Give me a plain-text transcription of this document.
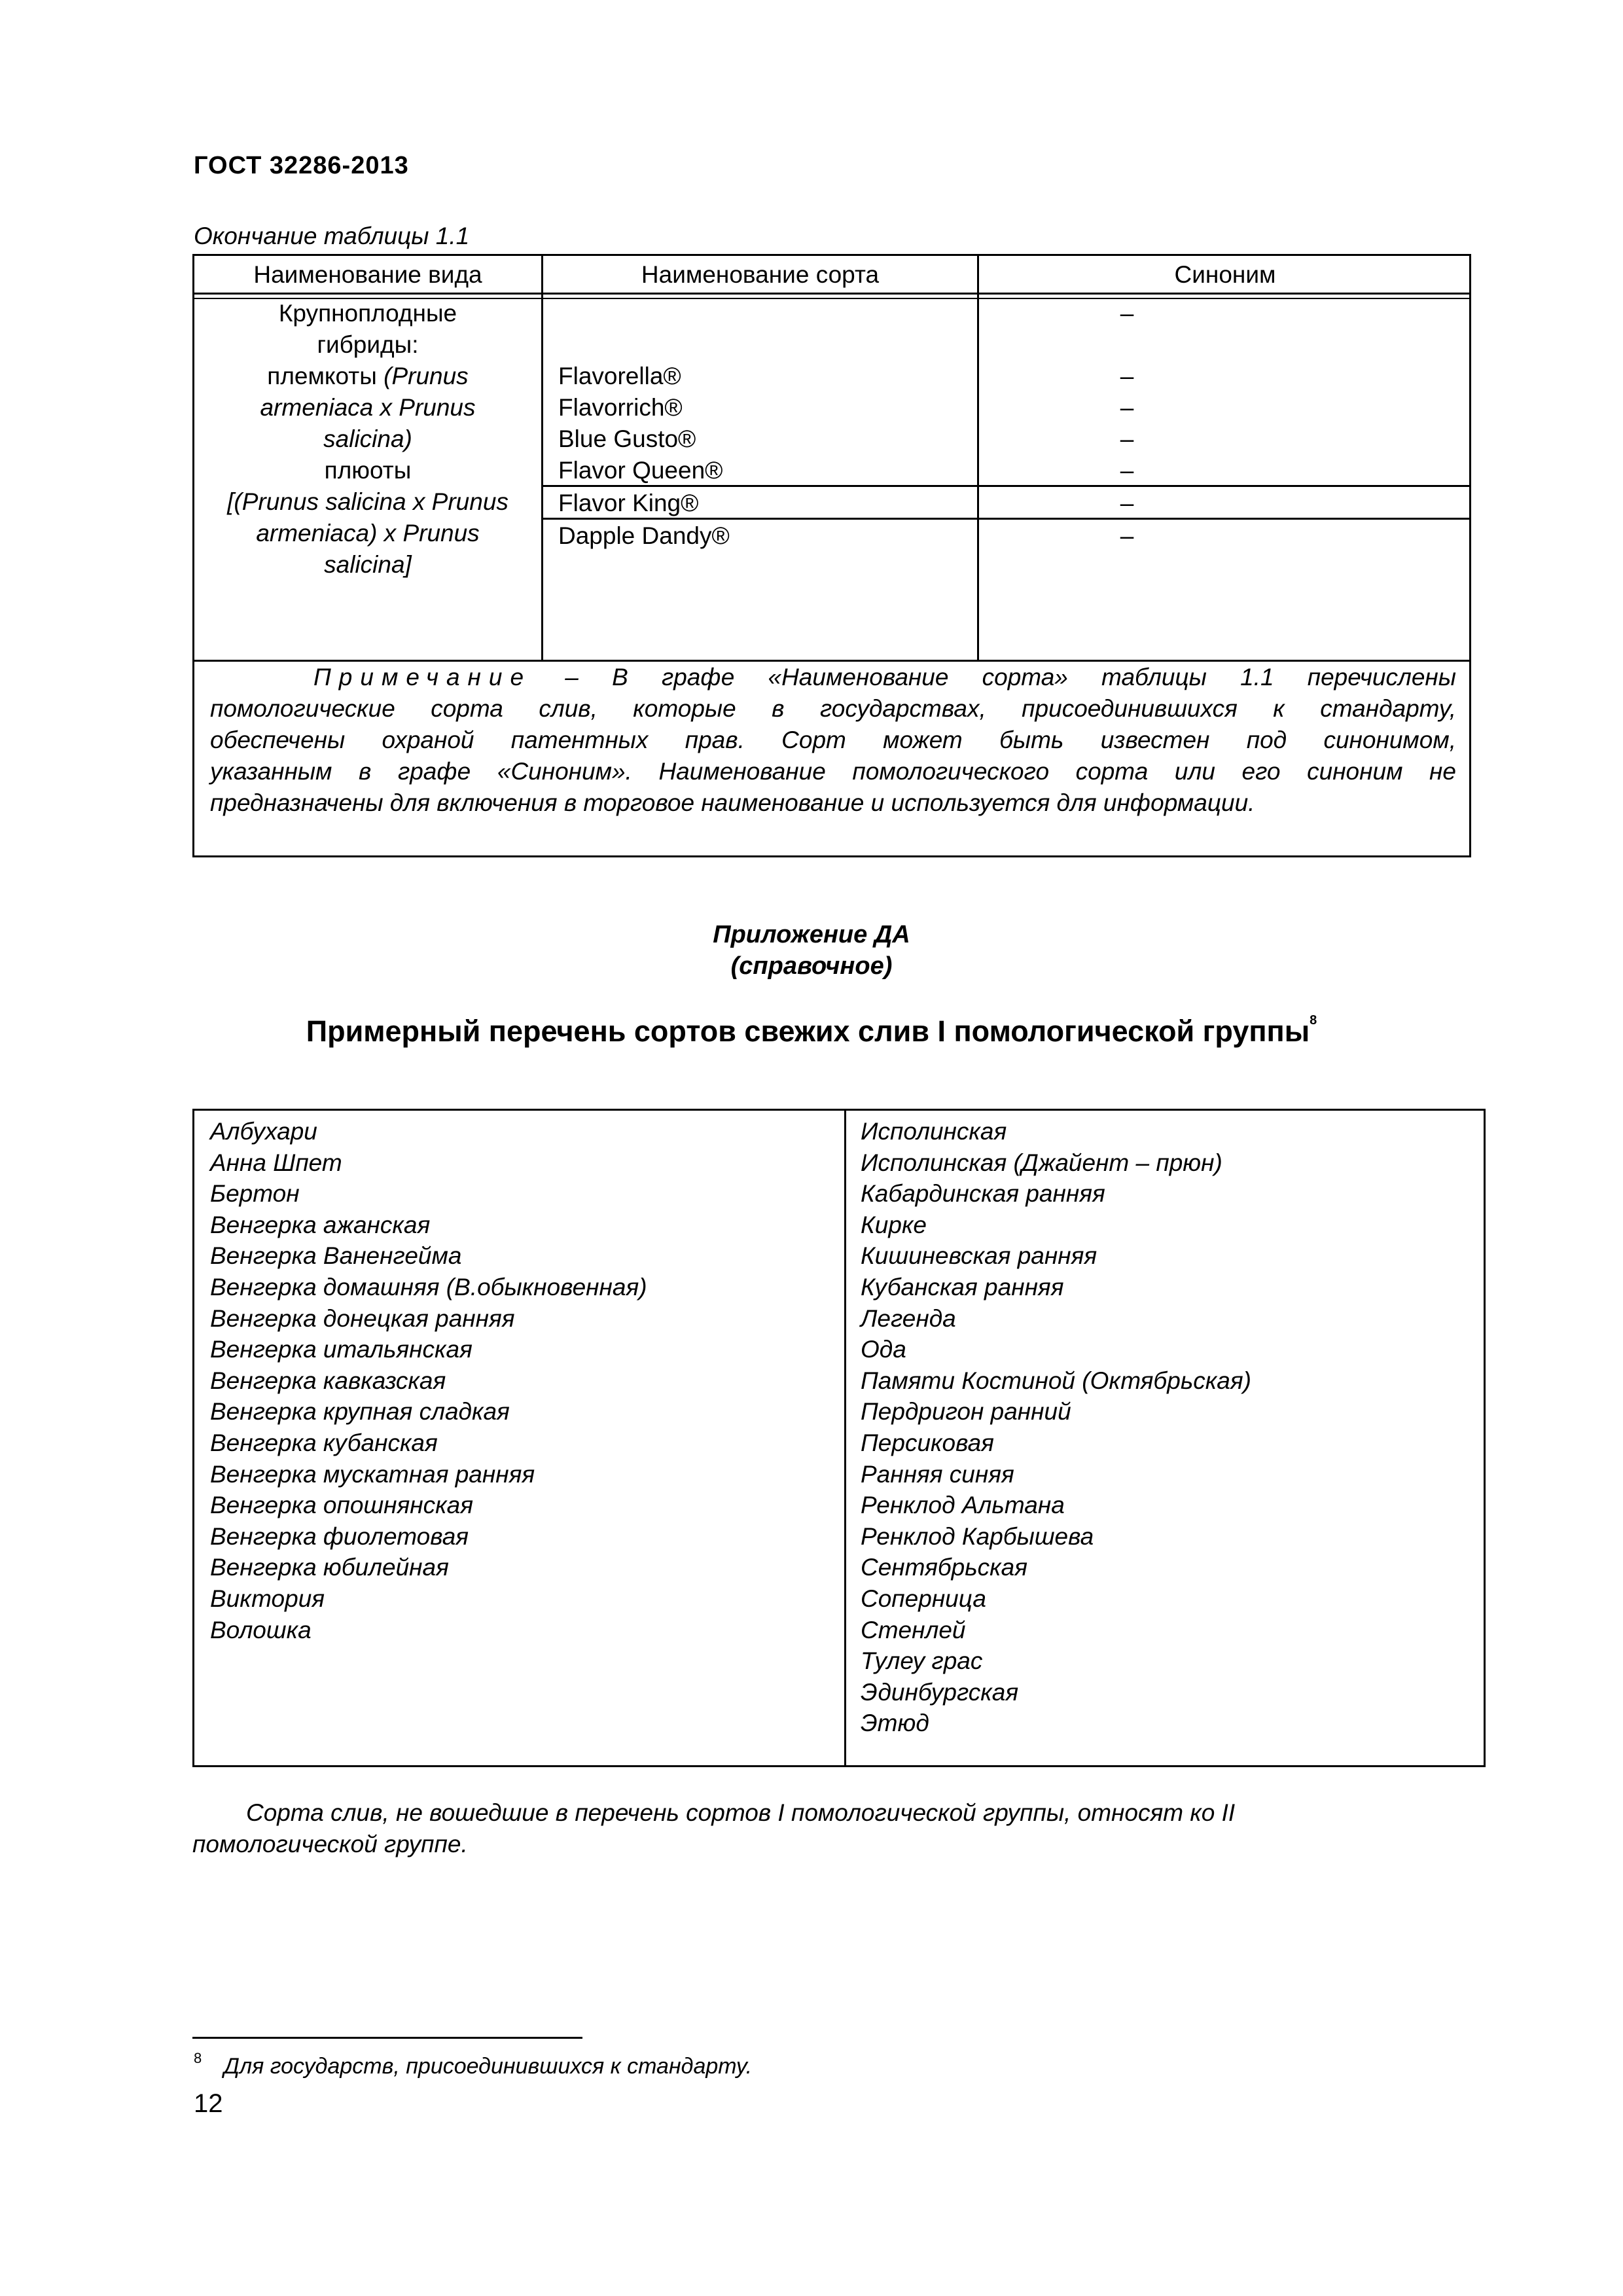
ГОСТ 32286-2013
Окончание таблицы 1.1
Наименование вида	Наименование сорта	Синоним
Крупноплодные
гибриды:
племкоты (Prunus
armeniaca x Prunus
salicina)
плюоты
[(Prunus salicina x Prunus
armeniaca) x Prunus
salicina]
Flavorella®
Flavorrich®
Blue Gusto®
Flavor Queen®
Flavor King®
Dapple Dandy®
–
–
–
–
–
–
–
Примечание – В графе «Наименование сорта» таблицы 1.1 перечислены
помологические сорта слив, которые в государствах, присоединившихся к стандарту,
обеспечены охраной патентных прав. Сорт может быть известен под синонимом,
указанным в графе «Синоним». Наименование помологического сорта или его синоним не
предназначены для включения в торговое наименование и используется для информации.
Приложение ДА
(справочное)
Примерный перечень сортов свежих слив I помологической группы$^8$
Албухари
Анна Шпет
Бертон
Венгерка ажанская
Венгерка Ваненгейма
Венгерка домашняя (В.обыкновенная)
Венгерка донецкая ранняя
Венгерка итальянская
Венгерка кавказская
Венгерка крупная сладкая
Венгерка кубанская
Венгерка мускатная ранняя
Венгерка опошнянская
Венгерка фиолетовая
Венгерка юбилейная
Виктория
Волошка
Исполинская
Исполинская (Джайент – прюн)
Кабардинская ранняя
Кирке
Кишиневская ранняя
Кубанская ранняя
Легенда
Ода
Памяти Костиной (Октябрьская)
Пердригон ранний
Персиковая
Ранняя синяя
Ренклод Альтана
Ренклод Карбышева
Сентябрьская
Соперница
Стенлей
Тулеу грас
Эдинбургская
Этюд
Сорта слив, не вошедшие в перечень сортов I помологической группы, относят ко II помологической группе.
8 Для государств, присоединившихся к стандарту.
12
